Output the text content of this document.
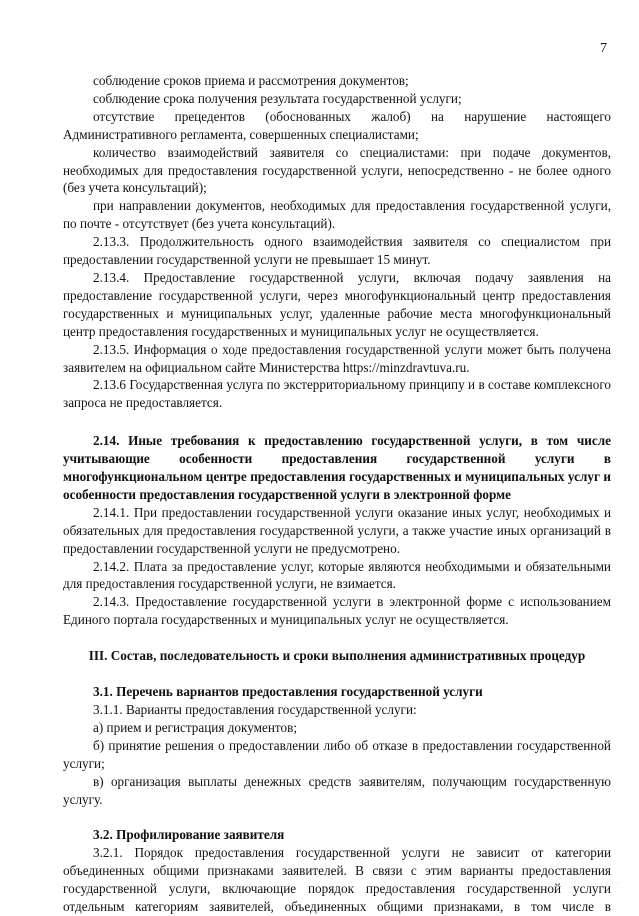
7

соблюдение сроков приема и рассмотрения документов;

соблюдение срока получения результата государственной услуги;

отсутствие прецедентов (обоснованных жалоб) на нарушение настоящего Административного регламента, совершенных специалистами;

количество взаимодействий заявителя со специалистами: при подаче документов, необходимых для предоставления государственной услуги, непосредственно - не более одного (без учета консультаций);

при направлении документов, необходимых для предоставления государственной услуги, по почте - отсутствует (без учета консультаций).

2.13.3. Продолжительность одного взаимодействия заявителя со специалистом при предоставлении государственной услуги не превышает 15 минут.

2.13.4. Предоставление государственной услуги, включая подачу заявления на предоставление государственной услуги, через многофункциональный центр предоставления государственных и муниципальных услуг, удаленные рабочие места многофункциональный центр предоставления государственных и муниципальных услуг не осуществляется.

2.13.5. Информация о ходе предоставления государственной услуги может быть получена заявителем на официальном сайте Министерства https://minzdravtuva.ru.

2.13.6 Государственная услуга по экстерриториальному принципу и в составе комплексного запроса не предоставляется.

2.14. Иные требования к предоставлению государственной услуги, в том числе учитывающие особенности предоставления государственной услуги в многофункциональном центре предоставления государственных и муниципальных услуг и особенности предоставления государственной услуги в электронной форме

2.14.1. При предоставлении государственной услуги оказание иных услуг, необходимых и обязательных для предоставления государственной услуги, а также участие иных организаций в предоставлении государственной услуги не предусмотрено.

2.14.2. Плата за предоставление услуг, которые являются необходимыми и обязательными для предоставления государственной услуги, не взимается.

2.14.3. Предоставление государственной услуги в электронной форме с использованием Единого портала государственных и муниципальных услуг не осуществляется.

III. Состав, последовательность и сроки выполнения административных процедур

3.1. Перечень вариантов предоставления государственной услуги

3.1.1. Варианты предоставления государственной услуги:

а) прием и регистрация документов;

б) принятие решения о предоставлении либо об отказе в предоставлении государственной услуги;

в) организация выплаты денежных средств заявителям, получающим государственную услугу.

3.2. Профилирование заявителя

3.2.1. Порядок предоставления государственной услуги не зависит от категории объединенных общими признаками заявителей. В связи с этим варианты предоставления государственной услуги, включающие порядок предоставления государственной услуги отдельным категориям заявителей, объединенных общими признаками, в том числе в

· · ·
